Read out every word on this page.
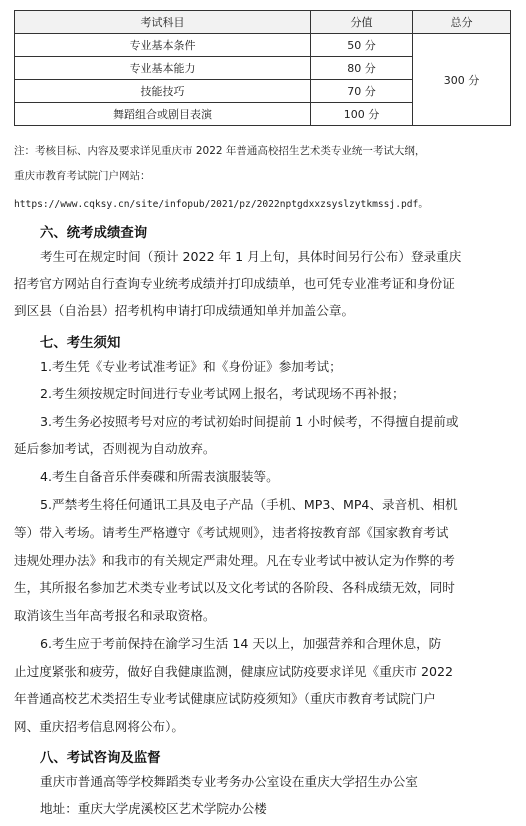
考试科目	分值	总分
专业基本条件	50 分	300 分
专业基本能力	80 分	
技能技巧	70 分	
舞蹈组合或剧目表演	100 分	
注：考核目标、内容及要求详见重庆市 2022 年普通高校招生艺术类专业统一考试大纲，
重庆市教育考试院门户网站：
https://www.cqksy.cn/site/infopub/2021/pz/2022nptgdxxzsyslzytkmssj.pdf。
六、统考成绩查询
考生可在规定时间（预计 2022 年 1 月上旬，具体时间另行公布）登录重庆
招考官方网站自行查询专业统考成绩并打印成绩单，也可凭专业准考证和身份证
到区县（自治县）招考机构申请打印成绩通知单并加盖公章。
七、考生须知
1.考生凭《专业考试准考证》和《身份证》参加考试；
2.考生须按规定时间进行专业考试网上报名，考试现场不再补报；
3.考生务必按照考号对应的考试初始时间提前 1 小时候考，不得擅自提前或
延后参加考试，否则视为自动放弃。
4.考生自备音乐伴奏碟和所需表演服装等。
5.严禁考生将任何通讯工具及电子产品（手机、MP3、MP4、录音机、相机
等）带入考场。请考生严格遵守《考试规则》，违者将按教育部《国家教育考试
违规处理办法》和我市的有关规定严肃处理。凡在专业考试中被认定为作弊的考
生，其所报名参加艺术类专业考试以及文化考试的各阶段、各科成绩无效，同时
取消该生当年高考报名和录取资格。
6.考生应于考前保持在渝学习生活 14 天以上，加强营养和合理休息，防
止过度紧张和疲劳，做好自我健康监测，健康应试防疫要求详见《重庆市 2022
年普通高校艺术类招生专业考试健康应试防疫须知》（重庆市教育考试院门户
网、重庆招考信息网将公布）。
八、考试咨询及监督
重庆市普通高等学校舞蹈类专业考务办公室设在重庆大学招生办公室
地址：重庆大学虎溪校区艺术学院办公楼
